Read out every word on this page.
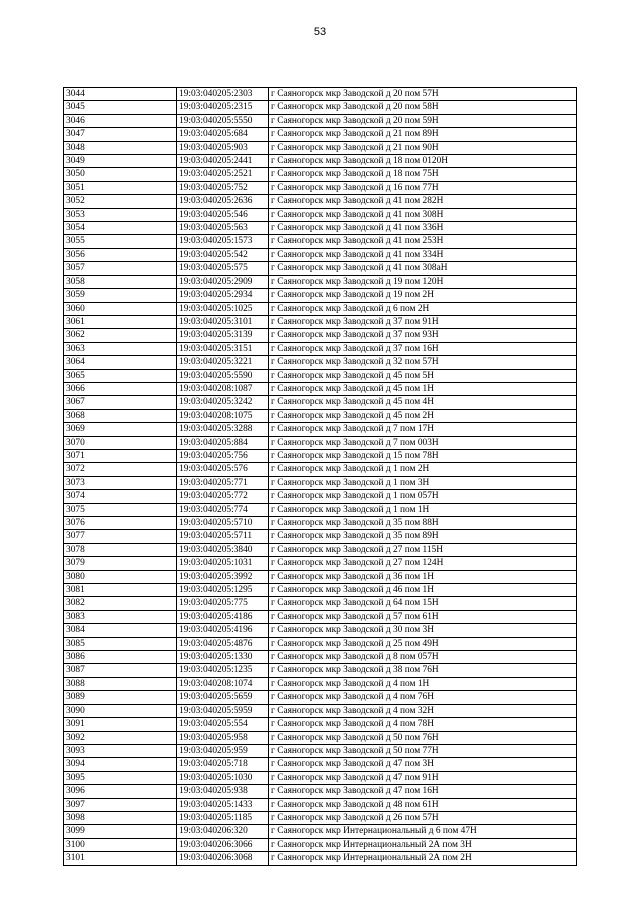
53
3044	19:03:040205:2303	г Саяногорск мкр Заводской д 20 пом 57Н
3045	19:03:040205:2315	г Саяногорск мкр Заводской д 20 пом 58Н
3046	19:03:040205:5550	г Саяногорск мкр Заводской д 20 пом 59Н
3047	19:03:040205:684	г Саяногорск мкр Заводской д 21 пом 89Н
3048	19:03:040205:903	г Саяногорск мкр Заводской д 21 пом 90Н
3049	19:03:040205:2441	г Саяногорск мкр Заводской д 18 пом 0120Н
3050	19:03:040205:2521	г Саяногорск мкр Заводской д 18 пом 75Н
3051	19:03:040205:752	г Саяногорск мкр Заводской д 16 пом 77Н
3052	19:03:040205:2636	г Саяногорск мкр Заводской д 41 пом 282Н
3053	19:03:040205:546	г Саяногорск мкр Заводской д 41 пом 308Н
3054	19:03:040205:563	г Саяногорск мкр Заводской д 41 пом 336Н
3055	19:03:040205:1573	г Саяногорск мкр Заводской д 41 пом 253Н
3056	19:03:040205:542	г Саяногорск мкр Заводской д 41 пом 334Н
3057	19:03:040205:575	г Саяногорск мкр Заводской д 41 пом 308аН
3058	19:03:040205:2909	г Саяногорск мкр Заводской д 19 пом 120Н
3059	19:03:040205:2934	г Саяногорск мкр Заводской д 19 пом 2Н
3060	19:03:040205:1025	г Саяногорск мкр Заводской д 6 пом 2Н
3061	19:03:040205:3101	г Саяногорск мкр Заводской д 37 пом 91Н
3062	19:03:040205:3139	г Саяногорск мкр Заводской д 37 пом 93Н
3063	19:03:040205:3151	г Саяногорск мкр Заводской д 37 пом 16Н
3064	19:03:040205:3221	г Саяногорск мкр Заводской д 32 пом 57Н
3065	19:03:040205:5590	г Саяногорск мкр Заводской д 45 пом 5Н
3066	19:03:040208:1087	г Саяногорск мкр Заводской д 45 пом 1Н
3067	19:03:040205:3242	г Саяногорск мкр Заводской д 45 пом 4Н
3068	19:03:040208:1075	г Саяногорск мкр Заводской д 45 пом 2Н
3069	19:03:040205:3288	г Саяногорск мкр Заводской д 7 пом 17Н
3070	19:03:040205:884	г Саяногорск мкр Заводской д 7 пом 003Н
3071	19:03:040205:756	г Саяногорск мкр Заводской д 15 пом 78Н
3072	19:03:040205:576	г Саяногорск мкр Заводской д 1 пом 2Н
3073	19:03:040205:771	г Саяногорск мкр Заводской д 1 пом 3Н
3074	19:03:040205:772	г Саяногорск мкр Заводской д 1 пом 057Н
3075	19:03:040205:774	г Саяногорск мкр Заводской д 1 пом 1Н
3076	19:03:040205:5710	г Саяногорск мкр Заводской д 35 пом 88Н
3077	19:03:040205:5711	г Саяногорск мкр Заводской д 35 пом 89Н
3078	19:03:040205:3840	г Саяногорск мкр Заводской д 27 пом 115Н
3079	19:03:040205:1031	г Саяногорск мкр Заводской д 27 пом 124Н
3080	19:03:040205:3992	г Саяногорск мкр Заводской д 36 пом 1Н
3081	19:03:040205:1295	г Саяногорск мкр Заводской д 46 пом 1Н
3082	19:03:040205:775	г Саяногорск мкр Заводской д 64 пом 15Н
3083	19:03:040205:4186	г Саяногорск мкр Заводской д 57 пом 61Н
3084	19:03:040205:4196	г Саяногорск мкр Заводской д 30 пом 3Н
3085	19:03:040205:4876	г Саяногорск мкр Заводской д 25 пом 49Н
3086	19:03:040205:1330	г Саяногорск мкр Заводской д 8 пом 057Н
3087	19:03:040205:1235	г Саяногорск мкр Заводской д 38 пом 76Н
3088	19:03:040208:1074	г Саяногорск мкр Заводской д 4 пом 1Н
3089	19:03:040205:5659	г Саяногорск мкр Заводской д 4 пом 76Н
3090	19:03:040205:5959	г Саяногорск мкр Заводской д 4 пом 32Н
3091	19:03:040205:554	г Саяногорск мкр Заводской д 4 пом 78Н
3092	19:03:040205:958	г Саяногорск мкр Заводской д 50 пом 76Н
3093	19:03:040205:959	г Саяногорск мкр Заводской д 50 пом 77Н
3094	19:03:040205:718	г Саяногорск мкр Заводской д 47 пом 3Н
3095	19:03:040205:1030	г Саяногорск мкр Заводской д 47 пом 91Н
3096	19:03:040205:938	г Саяногорск мкр Заводской д 47 пом 16Н
3097	19:03:040205:1433	г Саяногорск мкр Заводской д 48 пом 61Н
3098	19:03:040205:1185	г Саяногорск мкр Заводской д 26 пом 57Н
3099	19:03:040206:320	г Саяногорск мкр Интернациональный д 6 пом 47Н
3100	19:03:040206:3066	г Саяногорск мкр Интернациональный 2А пом 3Н
3101	19:03:040206:3068	г Саяногорск мкр Интернациональный 2А пом 2Н
